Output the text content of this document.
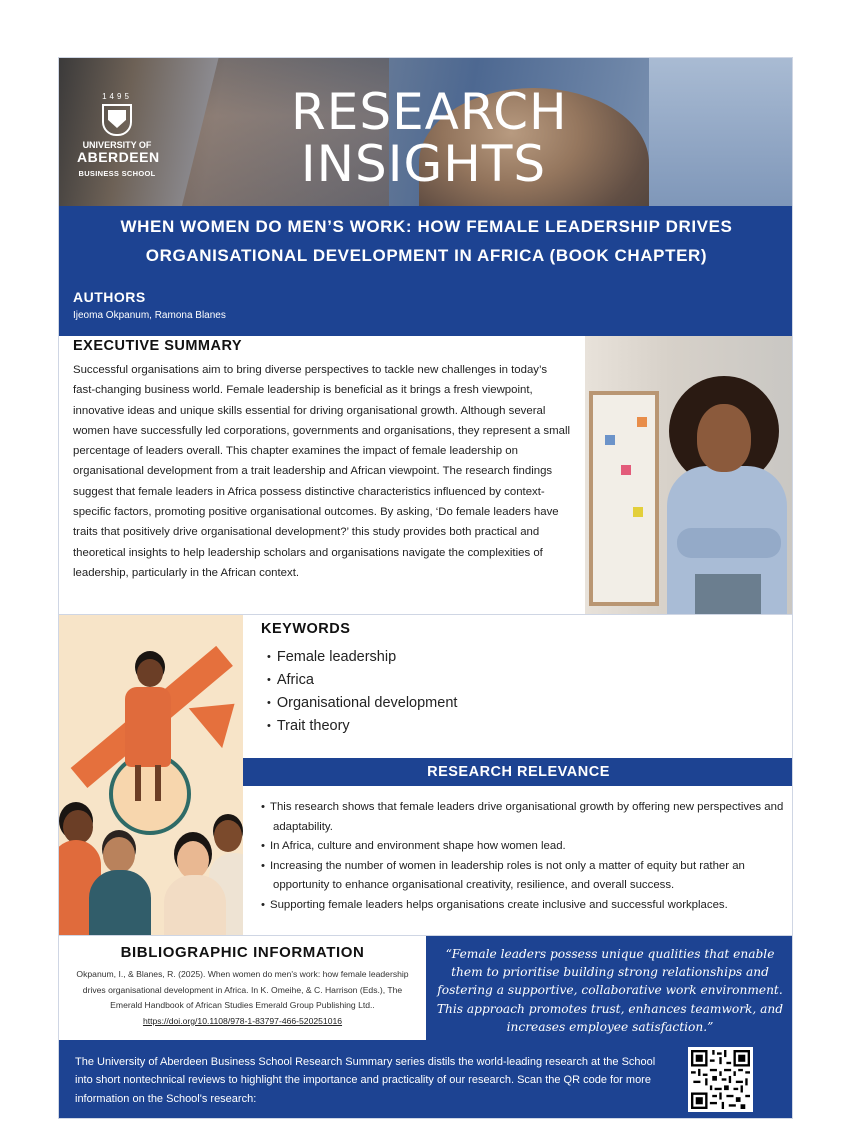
1495
UNIVERSITY OF
ABERDEEN
BUSINESS SCHOOL
RESEARCH
INSIGHTS
WHEN WOMEN DO MEN’S WORK: HOW FEMALE LEADERSHIP DRIVES
ORGANISATIONAL DEVELOPMENT IN AFRICA (BOOK CHAPTER)
AUTHORS

Ijeoma Okpanum, Ramona Blanes

EXECUTIVE SUMMARY

Successful organisations aim to bring diverse perspectives to tackle new challenges in today’s fast-changing business world. Female leadership is beneficial as it brings a fresh viewpoint, innovative ideas and unique skills essential for driving organisational growth. Although several women have successfully led corporations, governments and organisations, they represent a small percentage of leaders overall. This chapter examines the impact of female leadership on organisational development from a trait leadership and African viewpoint. The research findings suggest that female leaders in Africa possess distinctive characteristics influenced by context-specific factors, promoting positive organisational outcomes. By asking, ‘Do female leaders have traits that positively drive organisational development?’ this study provides both practical and theoretical insights to help leadership scholars and organisations navigate the complexities of leadership, particularly in the African context.

KEYWORDS
• Female leadership
• Africa
• Organisational development
• Trait theory
RESEARCH RELEVANCE
• This research shows that female leaders drive organisational growth by offering new perspectives and adaptability.
• In Africa, culture and environment shape how women lead.
• Increasing the number of women in leadership roles is not only a matter of equity but rather an opportunity to enhance organisational creativity, resilience, and overall success.
• Supporting female leaders helps organisations create inclusive and successful workplaces.
BIBLIOGRAPHIC INFORMATION

Okpanum, I., & Blanes, R. (2025). When women do men's work: how female leadership drives organisational development in Africa. In K. Omeihe, & C. Harrison (Eds.), The Emerald Handbook of African Studies Emerald Group Publishing Ltd..
https://doi.org/10.1108/978-1-83797-466-520251016

“Female leaders possess unique qualities that enable them to prioritise building strong relationships and fostering a supportive, collaborative work environment. This approach promotes trust, enhances teamwork, and increases employee satisfaction.”

The University of Aberdeen Business School Research Summary series distils the world-leading research at the School into short nontechnical reviews to highlight the importance and practicality of our research. Scan the QR code for more information on the School's research:
